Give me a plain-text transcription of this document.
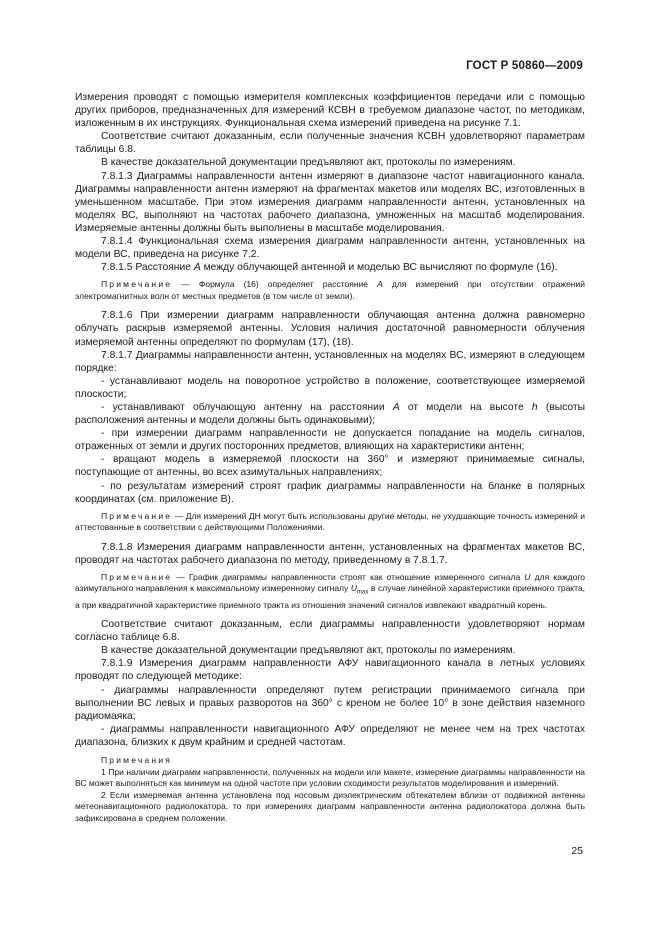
ГОСТ Р 50860—2009

Измерения проводят с помощью измерителя комплексных коэффициентов передачи или с помощью других приборов, предназначенных для измерений КСВН в требуемом диапазоне частот, по методикам, изложенным в их инструкциях. Функциональная схема измерений приведена на рисунке 7.1.

Соответствие считают доказанным, если полученные значения КСВН удовлетворяют параметрам таблицы 6.8.

В качестве доказательной документации предъявляют акт, протоколы по измерениям.

7.8.1.3 Диаграммы направленности антенн измеряют в диапазоне частот навигационного канала. Диаграммы направленности антенн измеряют на фрагментах макетов или моделях ВС, изготовленных в уменьшенном масштабе. При этом измерения диаграмм направленности антенн, установленных на моделях ВС, выполняют на частотах рабочего диапазона, умноженных на масштаб моделирования. Измеряемые антенны должны быть выполнены в масштабе моделирования.

7.8.1.4 Функциональная схема измерения диаграмм направленности антенн, установленных на модели ВС, приведена на рисунке 7.2.

7.8.1.5 Расстояние A между облучающей антенной и моделью ВС вычисляют по формуле (16).

Примечание — Формула (16) определяет расстояние A для измерений при отсутствии отражений электромагнитных волн от местных предметов (в том числе от земли).

7.8.1.6 При измерении диаграмм направленности облучающая антенна должна равномерно облучать раскрыв измеряемой антенны. Условия наличия достаточной равномерности облучения измеряемой антенны определяют по формулам (17), (18).

7.8.1.7 Диаграммы направленности антенн, установленных на моделях ВС, измеряют в следующем порядке:

- устанавливают модель на поворотное устройство в положение, соответствующее измеряемой плоскости;

- устанавливают облучающую антенну на расстоянии A от модели на высоте h (высоты расположения антенны и модели должны быть одинаковыми);

- при измерении диаграмм направленности не допускается попадание на модель сигналов, отраженных от земли и других посторонних предметов, влияющих на характеристики антенн;

- вращают модель в измеряемой плоскости на 360° и измеряют принимаемые сигналы, поступающие от антенны, во всех азимутальных направлениях;

- по результатам измерений строят график диаграммы направленности на бланке в полярных координатах (см. приложение В).

Примечание — Для измерений ДН могут быть использованы другие методы, не ухудшающие точность измерений и аттестованные в соответствии с действующими Положениями.

7.8.1.8 Измерения диаграмм направленности антенн, установленных на фрагментах макетов ВС, проводят на частотах рабочего диапазона по методу, приведенному в 7.8.1.7.

Примечание — График диаграммы направленности строят как отношение измеренного сигнала U для каждого азимутального направления к максимальному измеренному сигналу $U_{max}$ в случае линейной характеристики приемного тракта, а при квадратичной характеристике приемного тракта из отношения значений сигналов извлекают квадратный корень.

Соответствие считают доказанным, если диаграммы направленности удовлетворяют нормам согласно таблице 6.8.

В качестве доказательной документации предъявляют акт, протоколы по измерениям.

7.8.1.9 Измерения диаграмм направленности АФУ навигационного канала в летных условиях проводят по следующей методике:

- диаграммы направленности определяют путем регистрации принимаемого сигнала при выполнении ВС левых и правых разворотов на 360° с креном не более 10° в зоне действия наземного радиомаяка;

- диаграммы направленности навигационного АФУ определяют не менее чем на трех частотах диапазона, близких к двум крайним и средней частотам.

Примечания

1 При наличии диаграмм направленности, полученных на модели или макете, измерение диаграммы направленности на ВС может выполняться как минимум на одной частоте при условии сходимости результатов моделирования и измерений.

2 Если измеряемая антенна установлена под носовым диэлектрическим обтекателем вблизи от подвижной антенны метеонавигационного радиолокатора, то при измерениях диаграмм направленности антенна радиолокатора должна быть зафиксирована в среднем положении.

25
